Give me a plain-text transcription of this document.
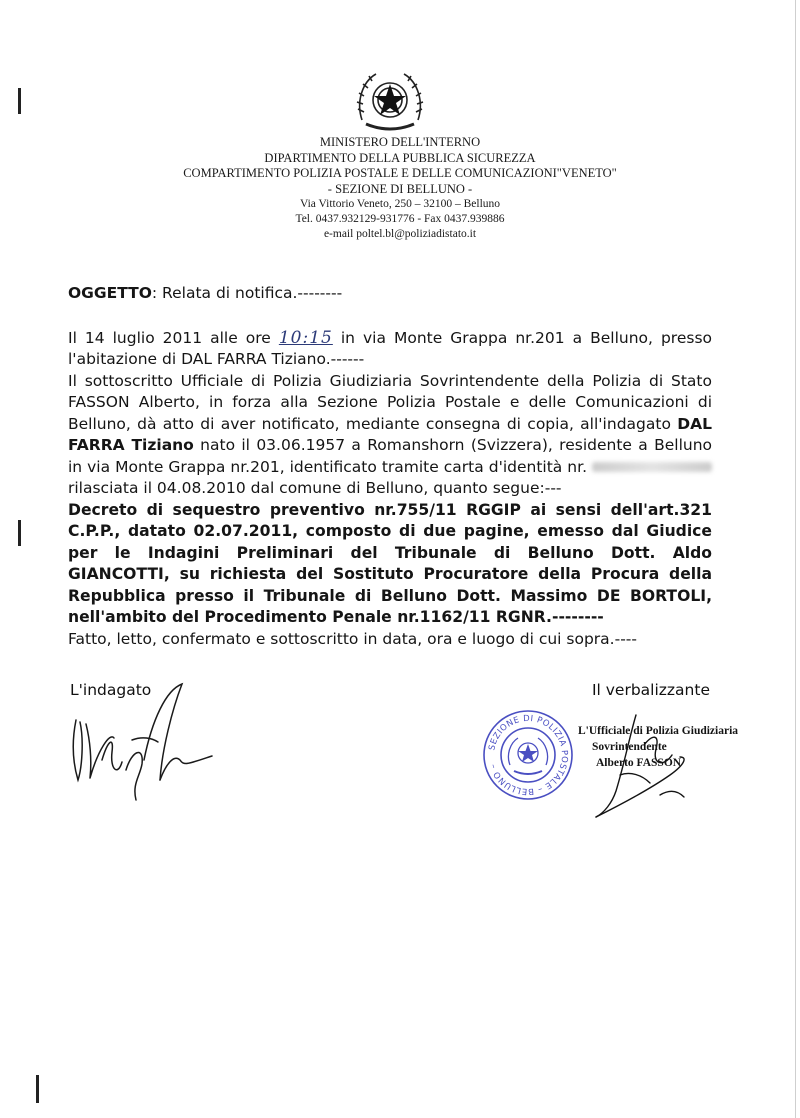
MINISTERO DELL'INTERNO
DIPARTIMENTO DELLA PUBBLICA SICUREZZA
COMPARTIMENTO POLIZIA POSTALE E DELLE COMUNICAZIONI"VENETO"
- SEZIONE DI BELLUNO -
Via Vittorio Veneto, 250 – 32100 – Belluno
Tel. 0437.932129-931776 - Fax 0437.939886
e-mail poltel.bl@poliziadistato.it
OGGETTO: Relata di notifica.--------
Il 14 luglio 2011 alle ore 10:15 in via Monte Grappa nr.201 a Belluno, presso l'abitazione di DAL FARRA Tiziano.------
Il sottoscritto Ufficiale di Polizia Giudiziaria Sovrintendente della Polizia di Stato FASSON Alberto, in forza alla Sezione Polizia Postale e delle Comunicazioni di Belluno, dà atto di aver notificato, mediante consegna di copia, all'indagato DAL FARRA Tiziano nato il 03.06.1957 a Romanshorn (Svizzera), residente a Belluno in via Monte Grappa nr.201, identificato tramite carta d'identità nr.  rilasciata il 04.08.2010 dal comune di Belluno, quanto segue:---
Decreto di sequestro preventivo nr.755/11 RGGIP ai sensi dell'art.321 C.P.P., datato 02.07.2011, composto di due pagine, emesso dal Giudice per le Indagini Preliminari del Tribunale di Belluno Dott. Aldo GIANCOTTI, su richiesta del Sostituto Procuratore della Procura della Repubblica presso il Tribunale di Belluno Dott. Massimo DE BORTOLI, nell'ambito del Procedimento Penale nr.1162/11 RGNR.--------
Fatto, letto, confermato e sottoscritto in data, ora e luogo di cui sopra.----
L'indagato	Il verbalizzante
SEZIONE DI POLIZIA POSTALE – BELLUNO –
L'Ufficiale di Polizia Giudiziaria
Sovrintendente
Alberto FASSON
